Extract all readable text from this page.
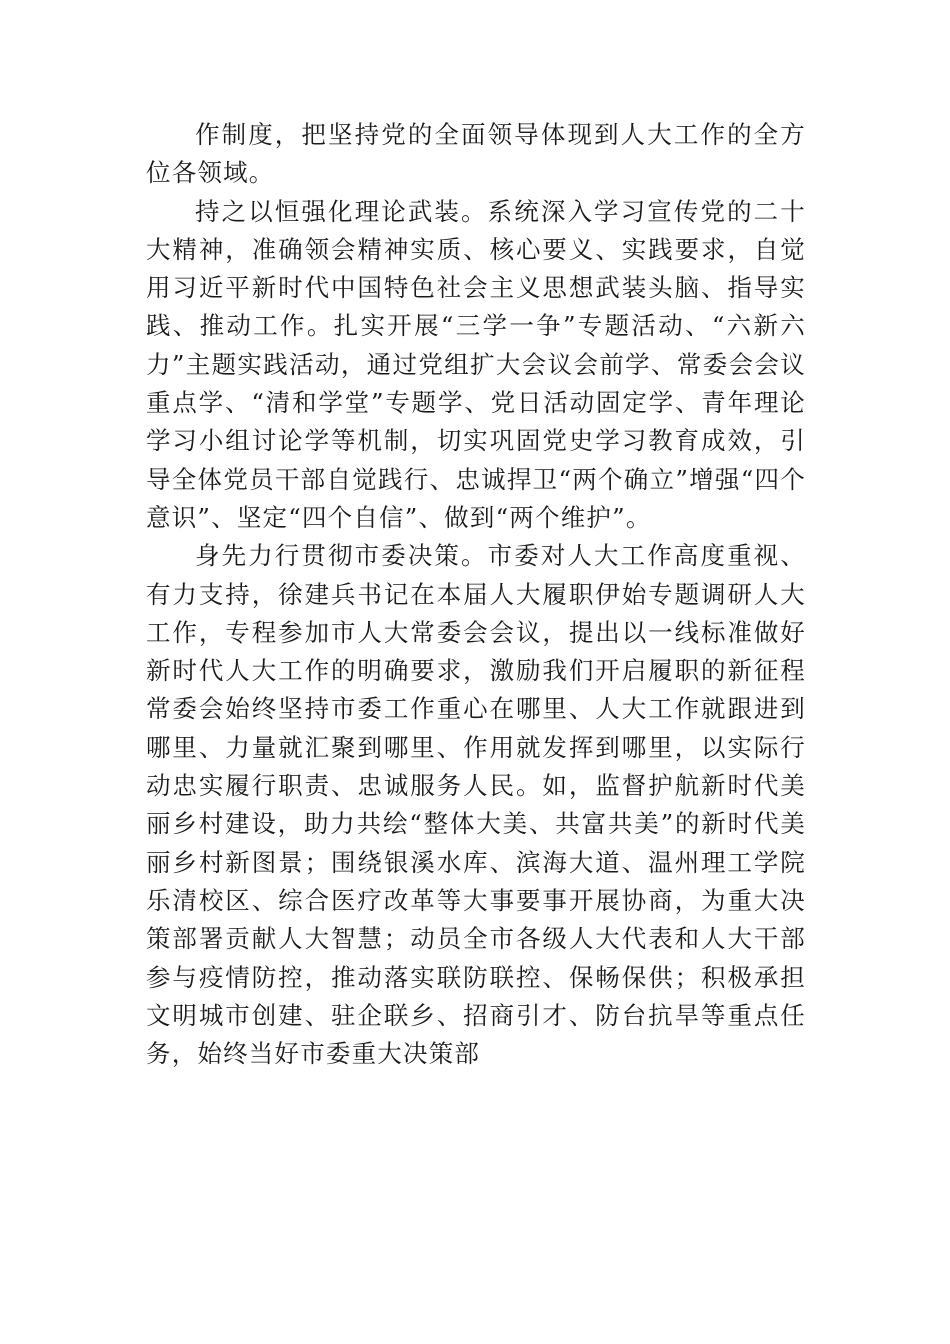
作制度，把坚持党的全面领导体现到人大工作的全方位各领域。

持之以恒强化理论武装。系统深入学习宣传党的二十大精神，准确领会精神实质、核心要义、实践要求，自觉用习近平新时代中国特色社会主义思想武装头脑、指导实践、推动工作。扎实开展“三学一争”专题活动、“六新六力”主题实践活动，通过党组扩大会议会前学、常委会会议重点学、“清和学堂”专题学、党日活动固定学、青年理论学习小组讨论学等机制，切实巩固党史学习教育成效，引导全体党员干部自觉践行、忠诚捍卫“两个确立”增强“四个意识”、坚定“四个自信”、做到“两个维护”。

身先力行贯彻市委决策。市委对人大工作高度重视、有力支持，徐建兵书记在本届人大履职伊始专题调研人大工作，专程参加市人大常委会会议，提出以一线标准做好新时代人大工作的明确要求，激励我们开启履职的新征程常委会始终坚持市委工作重心在哪里、人大工作就跟进到哪里、力量就汇聚到哪里、作用就发挥到哪里，以实际行动忠实履行职责、忠诚服务人民。如，监督护航新时代美丽乡村建设，助力共绘“整体大美、共富共美”的新时代美丽乡村新图景；围绕银溪水库、滨海大道、温州理工学院乐清校区、综合医疗改革等大事要事开展协商，为重大决策部署贡献人大智慧；动员全市各级人大代表和人大干部参与疫情防控，推动落实联防联控、保畅保供；积极承担文明城市创建、驻企联乡、招商引才、防台抗旱等重点任务，始终当好市委重大决策部
